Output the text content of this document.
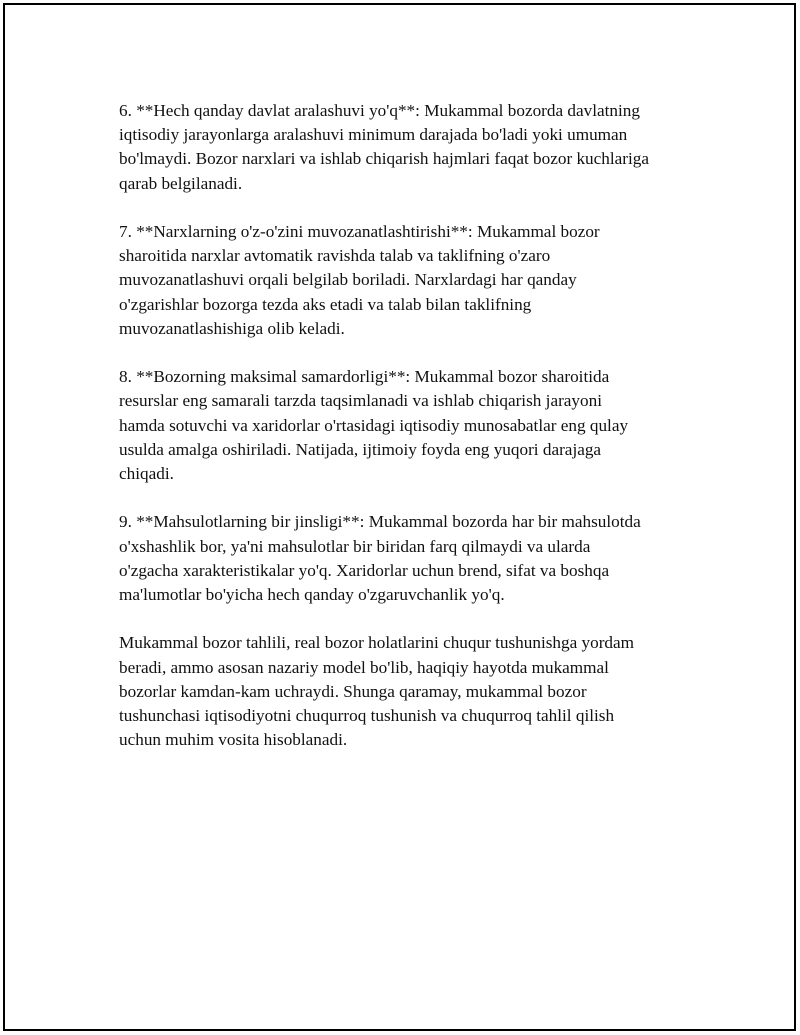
6. **Hech qanday davlat aralashuvi yo'q**: Mukammal bozorda davlatning
iqtisodiy jarayonlarga aralashuvi minimum darajada bo'ladi yoki umuman
bo'lmaydi. Bozor narxlari va ishlab chiqarish hajmlari faqat bozor kuchlariga
qarab belgilanadi.

7. **Narxlarning o'z-o'zini muvozanatlashtirishi**: Mukammal bozor
sharoitida narxlar avtomatik ravishda talab va taklifning o'zaro
muvozanatlashuvi orqali belgilab boriladi. Narxlardagi har qanday
o'zgarishlar bozorga tezda aks etadi va talab bilan taklifning
muvozanatlashishiga olib keladi.

8. **Bozorning maksimal samardorligi**: Mukammal bozor sharoitida
resurslar eng samarali tarzda taqsimlanadi va ishlab chiqarish jarayoni
hamda sotuvchi va xaridorlar o'rtasidagi iqtisodiy munosabatlar eng qulay
usulda amalga oshiriladi. Natijada, ijtimoiy foyda eng yuqori darajaga
chiqadi.

9. **Mahsulotlarning bir jinsligi**: Mukammal bozorda har bir mahsulotda
o'xshashlik bor, ya'ni mahsulotlar bir biridan farq qilmaydi va ularda
o'zgacha xarakteristikalar yo'q. Xaridorlar uchun brend, sifat va boshqa
ma'lumotlar bo'yicha hech qanday o'zgaruvchanlik yo'q.

Mukammal bozor tahlili, real bozor holatlarini chuqur tushunishga yordam
beradi, ammo asosan nazariy model bo'lib, haqiqiy hayotda mukammal
bozorlar kamdan-kam uchraydi. Shunga qaramay, mukammal bozor
tushunchasi iqtisodiyotni chuqurroq tushunish va chuqurroq tahlil qilish
uchun muhim vosita hisoblanadi.
